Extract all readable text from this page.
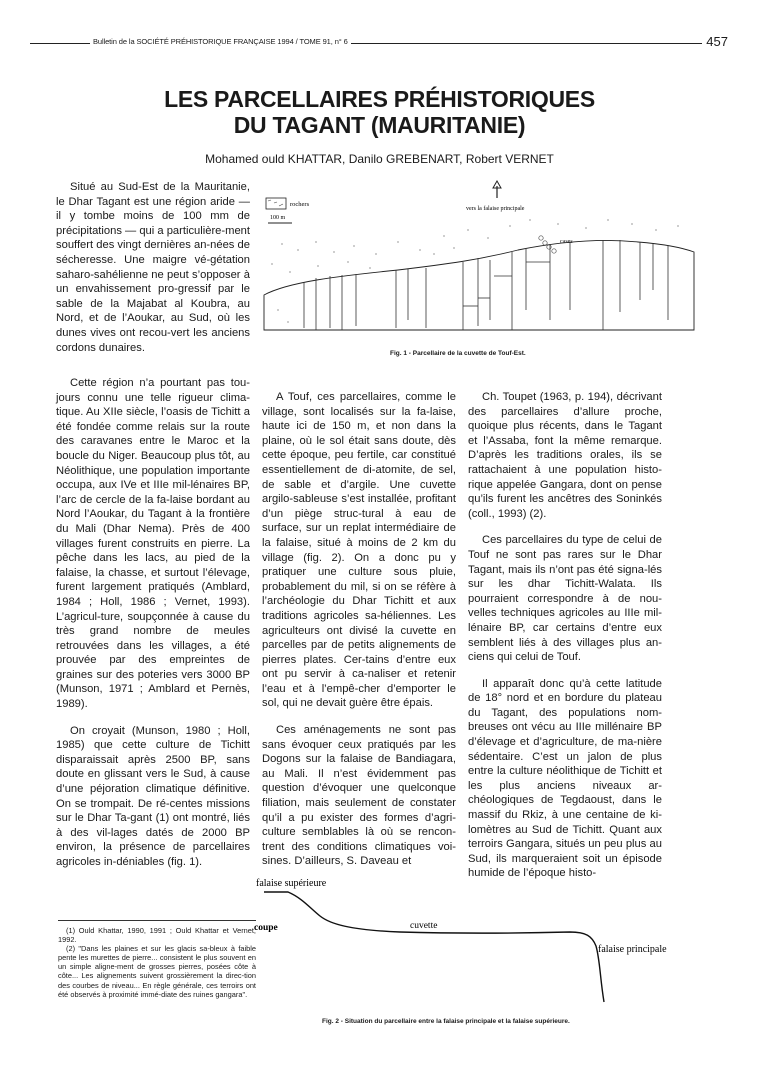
Bulletin de la SOCIÉTÉ PRÉHISTORIQUE FRANÇAISE 1994 / TOME 91, n° 6	457
LES PARCELLAIRES PRÉHISTORIQUES
DU TAGANT (MAURITANIE)
Mohamed ould KHATTAR, Danilo GREBENART, Robert VERNET

Situé au Sud-Est de la Mauritanie, le Dhar Tagant est une région aride — il y tombe moins de 100 mm de précipitations — qui a particulière-ment souffert des vingt dernières an-nées de sécheresse. Une maigre vé-gétation saharo-sahélienne ne peut s’opposer à un envahissement pro-gressif par le sable de la Majabat al Koubra, au Nord, et de l’Aoukar, au Sud, où les dunes vives ont recou-vert les anciens cordons dunaires.

Cette région n’a pourtant pas tou-jours connu une telle rigueur clima-tique. Au XIIe siècle, l’oasis de Tichitt a été fondée comme relais sur la route des caravanes entre le Maroc et la boucle du Niger. Beaucoup plus tôt, au Néolithique, une population importante occupa, aux IVe et IIIe mil-lénaires BP, l’arc de cercle de la fa-laise bordant au Nord l’Aoukar, du Tagant à la frontière du Mali (Dhar Nema). Près de 400 villages furent construits en pierre. La pêche dans les lacs, au pied de la falaise, la chasse, et surtout l’élevage, furent largement pratiqués (Amblard, 1984 ; Holl, 1986 ; Vernet, 1993). L’agricul-ture, soupçonnée à cause du très grand nombre de meules retrouvées dans les villages, a été prouvée par des empreintes de graines sur des poteries vers 3000 BP (Munson, 1971 ; Amblard et Pernès, 1989).

On croyait (Munson, 1980 ; Holl, 1985) que cette culture de Tichitt disparaissait après 2500 BP, sans doute en glissant vers le Sud, à cause d’une péjoration climatique définitive. On se trompait. De ré-centes missions sur le Dhar Ta-gant (1) ont montré, liés à des vil-lages datés de 2000 BP environ, la présence de parcellaires agricoles in-déniables (fig. 1).

rochers
100 m
vers la falaise principale
cases
Fig. 1 - Parcellaire de la cuvette de Touf-Est.

A Touf, ces parcellaires, comme le village, sont localisés sur la fa-laise, haute ici de 150 m, et non dans la plaine, où le sol était sans doute, dès cette époque, peu fertile, car constitué essentiellement de di-atomite, de sel, de sable et d’argile. Une cuvette argilo-sableuse s’est installée, profitant d’un piège struc-tural à eau de surface, sur un replat intermédiaire de la falaise, situé à moins de 2 km du village (fig. 2). On a donc pu y pratiquer une culture sous pluie, probablement du mil, si on se réfère à l’archéologie du Dhar Tichitt et aux traditions agricoles sa-héliennes. Les agriculteurs ont divisé la cuvette en parcelles par de petits alignements de pierres plates. Cer-tains d’entre eux ont pu servir à ca-naliser et retenir l’eau et à l’empê-cher d’emporter le sol, qui ne devait guère être épais.

Ces aménagements ne sont pas sans évoquer ceux pratiqués par les Dogons sur la falaise de Bandiagara, au Mali. Il n’est évidemment pas question d’évoquer une quelconque filiation, mais seulement de constater qu’il a pu exister des formes d’agri-culture semblables là où se rencon-trent des conditions climatiques voi-sines. D’ailleurs, S. Daveau et

Ch. Toupet (1963, p. 194), décrivant des parcellaires d’allure proche, quoique plus récents, dans le Tagant et l’Assaba, font la même remarque. D’après les traditions orales, ils se rattachaient à une population histo-rique appelée Gangara, dont on pense qu’ils furent les ancêtres des Soninkés (coll., 1993) (2).

Ces parcellaires du type de celui de Touf ne sont pas rares sur le Dhar Tagant, mais ils n’ont pas été signa-lés sur les dhar Tichitt-Walata. Ils pourraient correspondre à de nou-velles techniques agricoles au IIIe mil-lénaire BP, car certains d’entre eux semblent liés à des villages plus an-ciens qui celui de Touf.

Il apparaît donc qu’à cette latitude de 18° nord et en bordure du plateau du Tagant, des populations nom-breuses ont vécu au IIIe millénaire BP d’élevage et d’agriculture, de ma-nière sédentaire. C’est un jalon de plus entre la culture néolithique de Tichitt et les plus anciens niveaux ar-chéologiques de Tegdaoust, dans le massif du Rkiz, à une centaine de ki-lomètres au Sud de Tichitt. Quant aux terroirs Gangara, situés un peu plus au Sud, ils marqueraient soit un épisode humide de l’époque histo-

falaise supérieure
coupe	cuvette
falaise principale
Fig. 2 - Situation du parcellaire entre la falaise principale et la falaise supérieure.

(1) Ould Khattar, 1990, 1991 ; Ould Khattar et Vernet, 1992.

(2) "Dans les plaines et sur les glacis sa-bleux à faible pente les murettes de pierre... consistent le plus souvent en un simple aligne-ment de grosses pierres, posées côte à côte... Les alignements suivent grossièrement la direc-tion des courbes de niveau... En règle générale, ces terroirs ont été observés à proximité immé-diate des ruines gangara".
